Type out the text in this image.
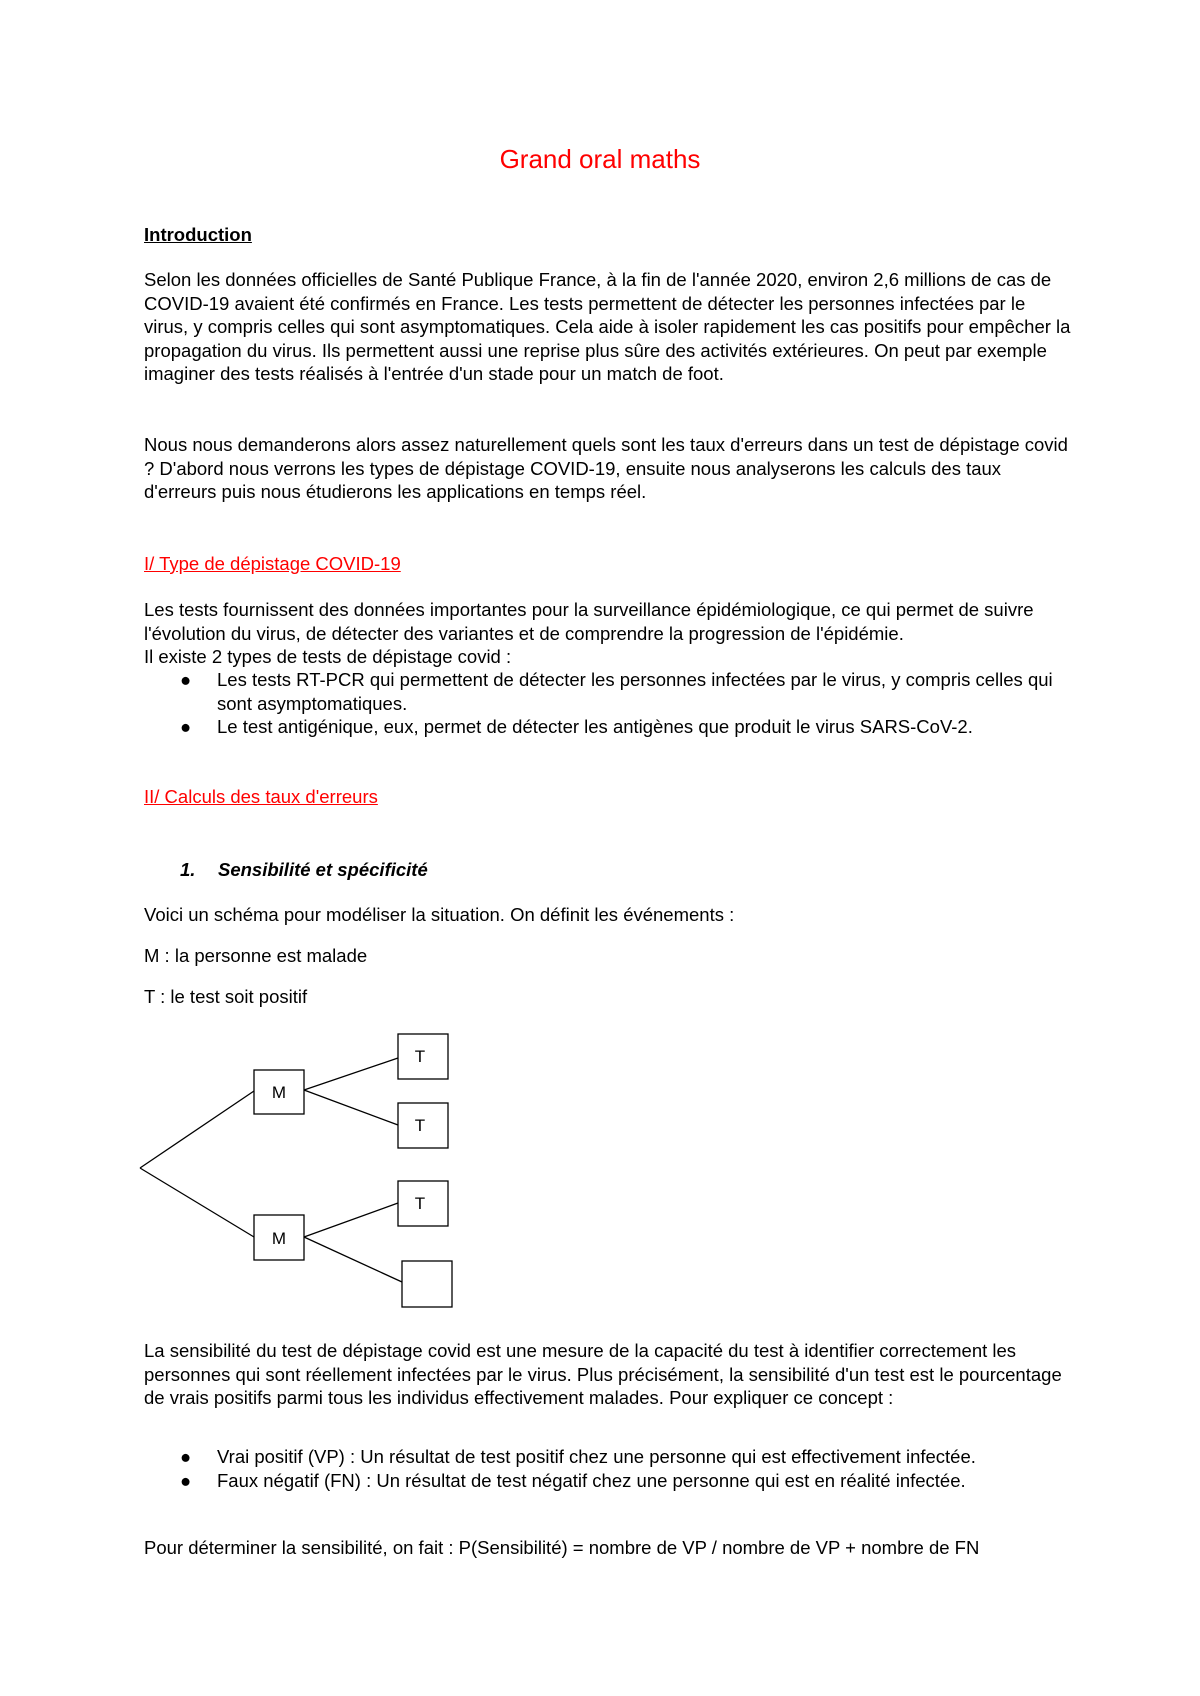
Grand oral maths
Introduction

Selon les données officielles de Santé Publique France, à la fin de l'année 2020, environ 2,6 millions de cas de COVID-19 avaient été confirmés en France. Les tests permettent de détecter les personnes infectées par le virus, y compris celles qui sont asymptomatiques. Cela aide à isoler rapidement les cas positifs pour empêcher la propagation du virus. Ils permettent aussi une reprise plus sûre des activités extérieures. On peut par exemple imaginer des tests réalisés à l'entrée d'un stade pour un match de foot.

Nous nous demanderons alors assez naturellement quels sont les taux d'erreurs dans un test de dépistage covid ? D'abord nous verrons les types de dépistage COVID-19, ensuite nous analyserons les calculs des taux d'erreurs puis nous étudierons les applications en temps réel.

I/ Type de dépistage COVID-19

Les tests fournissent des données importantes pour la surveillance épidémiologique, ce qui permet de suivre l'évolution du virus, de détecter des variantes et de comprendre la progression de l'épidémie.

Il existe 2 types de tests de dépistage covid :

● Les tests RT-PCR qui permettent de détecter les personnes infectées par le virus, y compris celles qui sont asymptomatiques.
● Le test antigénique, eux, permet de détecter les antigènes que produit le virus SARS-CoV-2.
II/ Calculs des taux d'erreurs
1. Sensibilité et spécificité

Voici un schéma pour modéliser la situation. On définit les événements :

M : la personne est malade

T : le test soit positif

M
M
T
T
T

La sensibilité du test de dépistage covid est une mesure de la capacité du test à identifier correctement les personnes qui sont réellement infectées par le virus. Plus précisément, la sensibilité d'un test est le pourcentage de vrais positifs parmi tous les individus effectivement malades. Pour expliquer ce concept :

● Vrai positif (VP) : Un résultat de test positif chez une personne qui est effectivement infectée.
● Faux négatif (FN) : Un résultat de test négatif chez une personne qui est en réalité infectée.

Pour déterminer la sensibilité, on fait : P(Sensibilité) = nombre de VP / nombre de VP + nombre de FN
